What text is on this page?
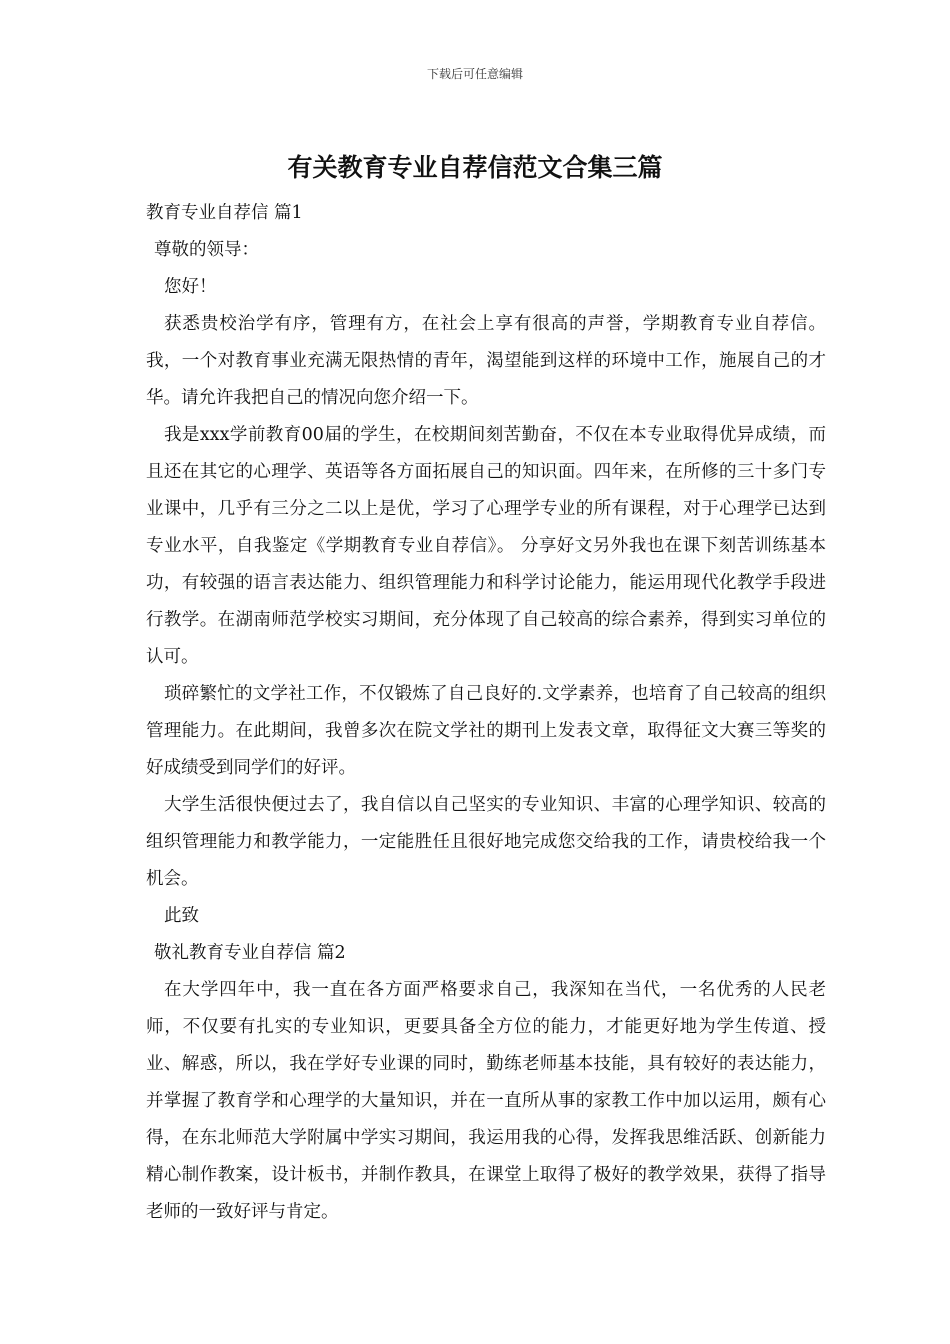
下载后可任意编辑
有关教育专业自荐信范文合集三篇

教育专业自荐信 篇1

尊敬的领导：

您好！

获悉贵校治学有序，管理有方，在社会上享有很高的声誉，学期教育专业自荐信。我，一个对教育事业充满无限热情的青年，渴望能到这样的环境中工作，施展自己的才华。请允许我把自己的情况向您介绍一下。

我是xxx学前教育00届的学生，在校期间刻苦勤奋，不仅在本专业取得优异成绩，而且还在其它的心理学、英语等各方面拓展自己的知识面。四年来，在所修的三十多门专业课中，几乎有三分之二以上是优，学习了心理学专业的所有课程，对于心理学已达到专业水平，自我鉴定《学期教育专业自荐信》。 分享好文另外我也在课下刻苦训练基本功，有较强的语言表达能力、组织管理能力和科学讨论能力，能运用现代化教学手段进行教学。在湖南师范学校实习期间，充分体现了自己较高的综合素养，得到实习单位的认可。

琐碎繁忙的文学社工作，不仅锻炼了自己良好的.文学素养，也培育了自己较高的组织管理能力。在此期间，我曾多次在院文学社的期刊上发表文章，取得征文大赛三等奖的好成绩受到同学们的好评。

大学生活很快便过去了，我自信以自己坚实的专业知识、丰富的心理学知识、较高的组织管理能力和教学能力，一定能胜任且很好地完成您交给我的工作，请贵校给我一个机会。

此致

敬礼教育专业自荐信 篇2

在大学四年中，我一直在各方面严格要求自己，我深知在当代，一名优秀的人民老师，不仅要有扎实的专业知识，更要具备全方位的能力，才能更好地为学生传道、授业、解惑，所以，我在学好专业课的同时，勤练老师基本技能，具有较好的表达能力，并掌握了教育学和心理学的大量知识，并在一直所从事的家教工作中加以运用，颇有心得，在东北师范大学附属中学实习期间，我运用我的心得，发挥我思维活跃、创新能力精心制作教案，设计板书，并制作教具，在课堂上取得了极好的教学效果，获得了指导老师的一致好评与肯定。
